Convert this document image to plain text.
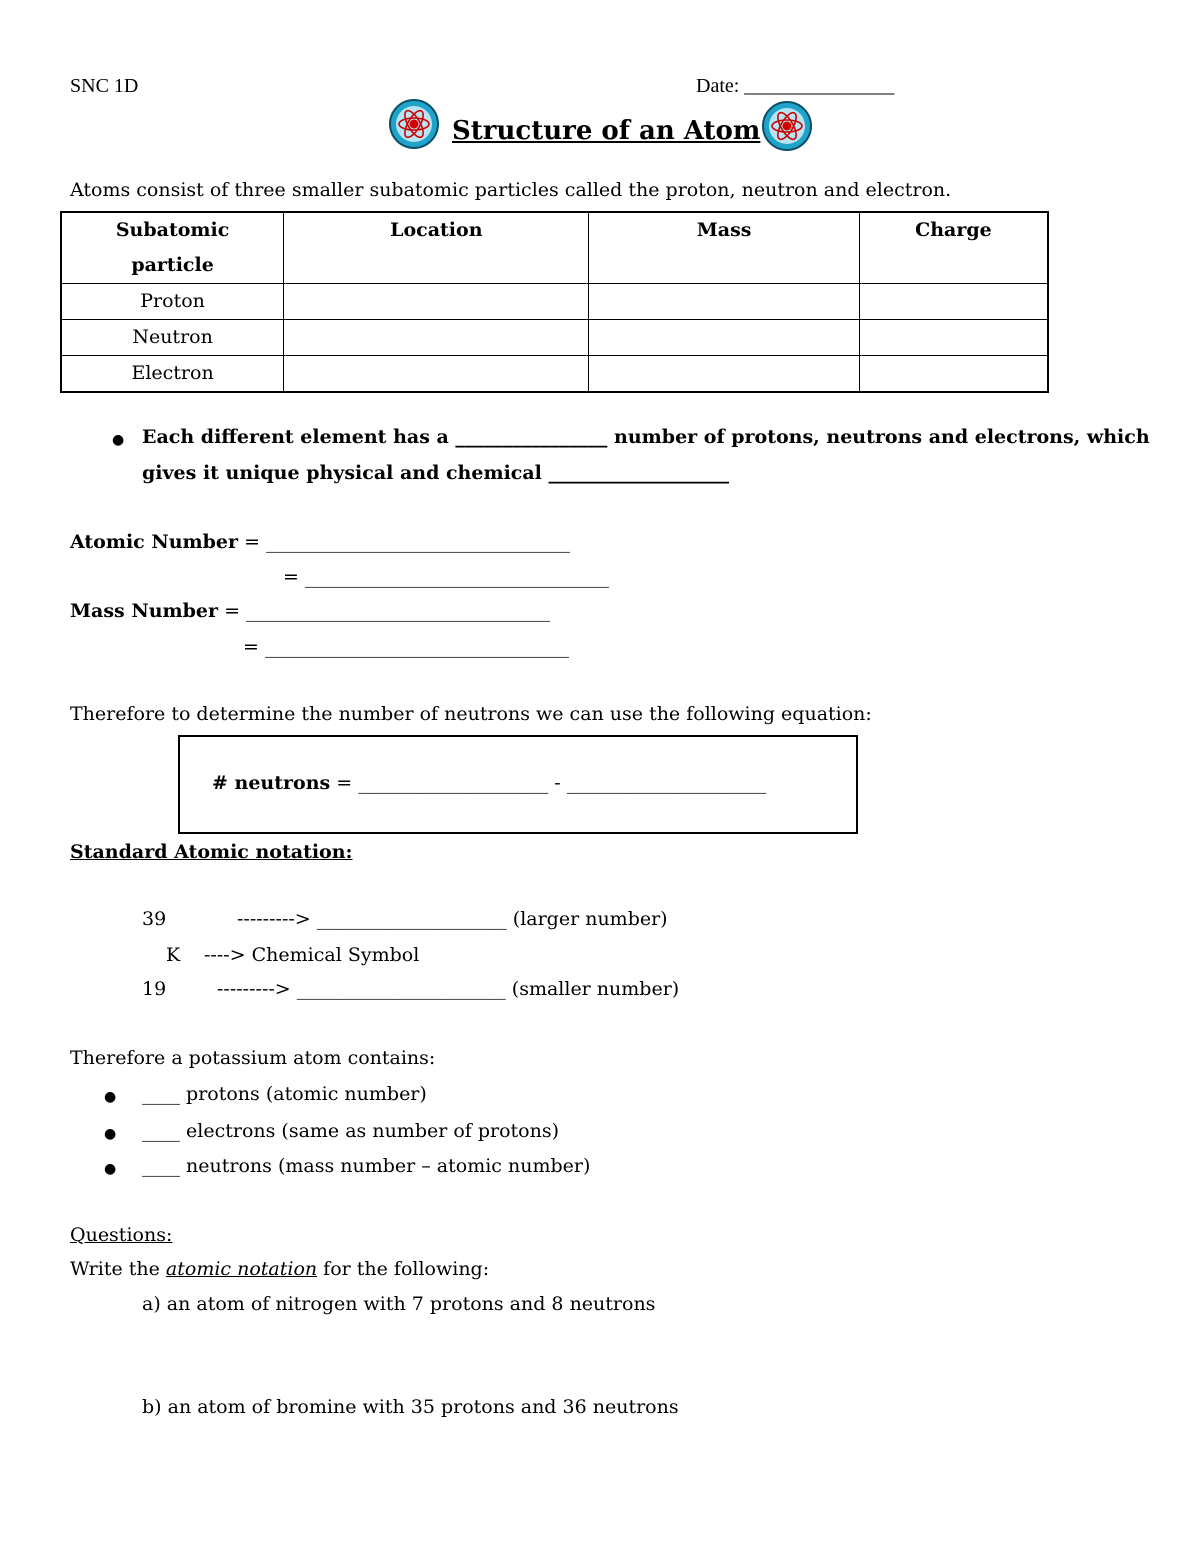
SNC 1D	Date: _______________
Structure of an Atom
Atoms consist of three smaller subatomic particles called the proton, neutron and electron.
Subatomic
particle	Location	Mass	Charge
Proton			
Neutron			
Electron			
● Each different element has a ________________ number of protons, neutrons and electrons, which
gives it unique physical and chemical ___________________
Atomic Number = ________________________________
= ________________________________
Mass Number = ________________________________
= ________________________________
Therefore to determine the number of neutrons we can use the following equation:
# neutrons = ____________________ - _____________________
Standard Atomic notation:
39	---------> ____________________ (larger number)
K ----> Chemical Symbol
19	---------> ______________________ (smaller number)
Therefore a potassium atom contains:
● ____ protons (atomic number)
● ____ electrons (same as number of protons)
● ____ neutrons (mass number – atomic number)
Questions:
Write the atomic notation for the following:
a) an atom of nitrogen with 7 protons and 8 neutrons
b) an atom of bromine with 35 protons and 36 neutrons
